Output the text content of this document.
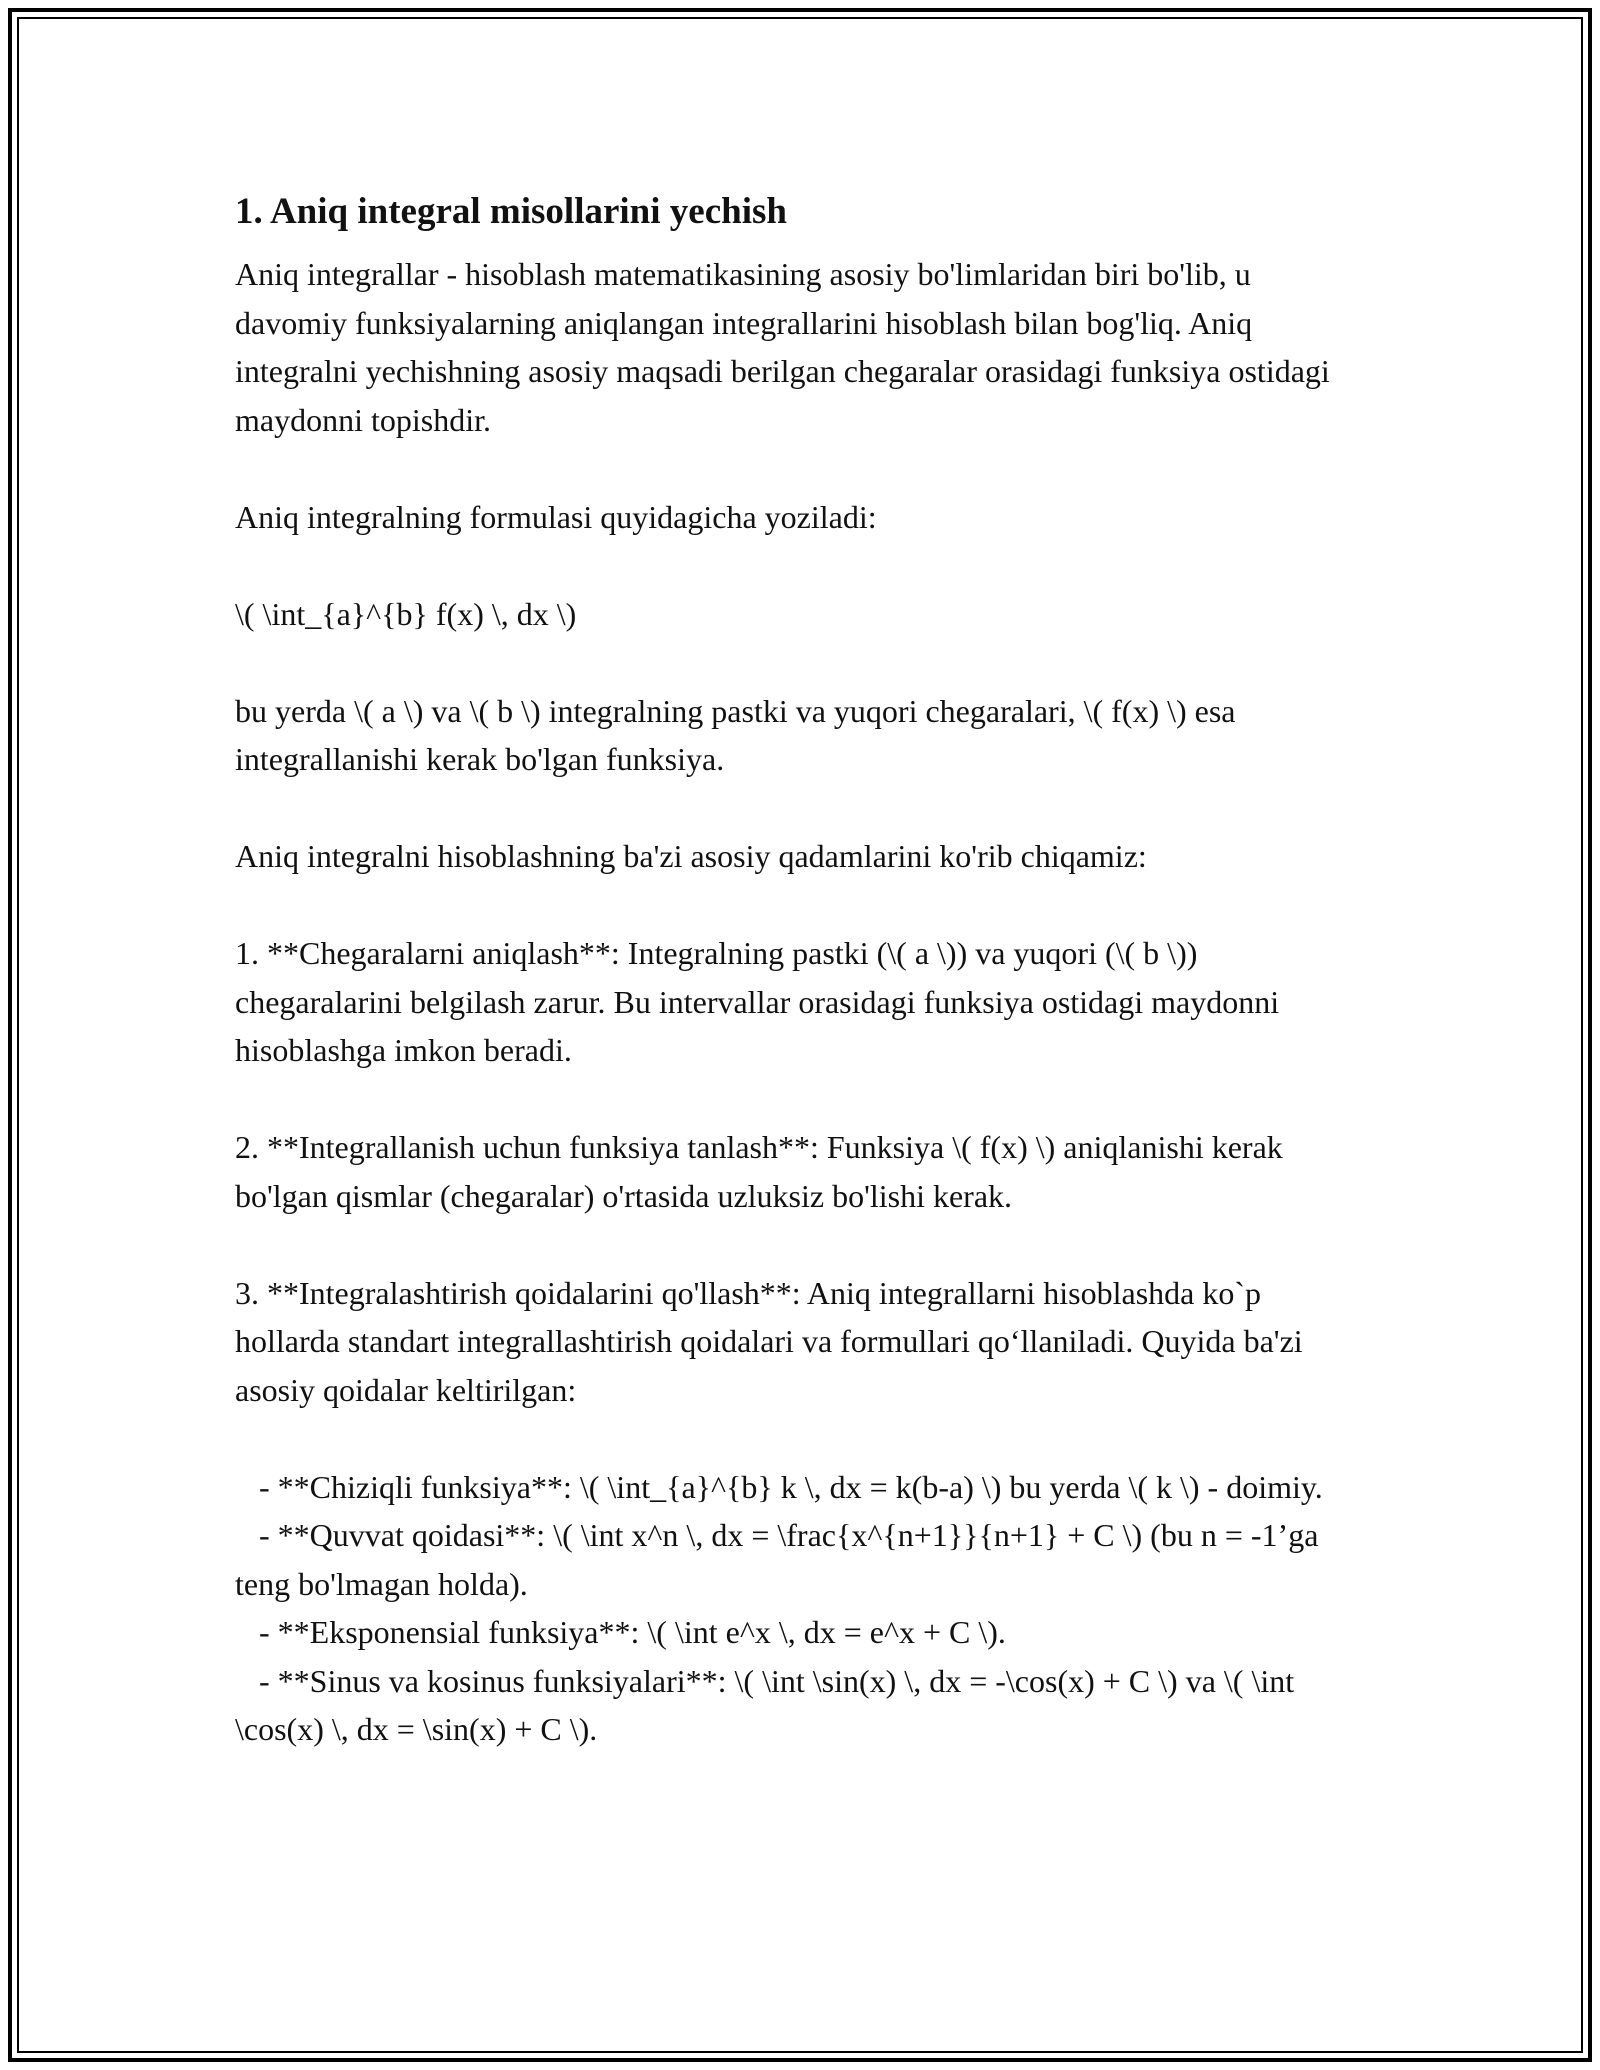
1. Aniq integral misollarini yechish

Aniq integrallar - hisoblash matematikasining asosiy bo'limlaridan biri bo'lib, u davomiy funksiyalarning aniqlangan integrallarini hisoblash bilan bog'liq. Aniq integralni yechishning asosiy maqsadi berilgan chegaralar orasidagi funksiya ostidagi maydonni topishdir.

Aniq integralning formulasi quyidagicha yoziladi:

\( \int_{a}^{b} f(x) \, dx \)

bu yerda \( a \) va \( b \) integralning pastki va yuqori chegaralari, \( f(x) \) esa integrallanishi kerak bo'lgan funksiya.

Aniq integralni hisoblashning ba'zi asosiy qadamlarini ko'rib chiqamiz:

1. **Chegaralarni aniqlash**: Integralning pastki (\( a \)) va yuqori (\( b \)) chegaralarini belgilash zarur. Bu intervallar orasidagi funksiya ostidagi maydonni hisoblashga imkon beradi.

2. **Integrallanish uchun funksiya tanlash**: Funksiya \( f(x) \) aniqlanishi kerak bo'lgan qismlar (chegaralar) o'rtasida uzluksiz bo'lishi kerak.

3. **Integralashtirish qoidalarini qo'llash**: Aniq integrallarni hisoblashda ko`p hollarda standart integrallashtirish qoidalari va formullari qo‘llaniladi. Quyida ba'zi asosiy qoidalar keltirilgan:

- **Chiziqli funksiya**: \( \int_{a}^{b} k \, dx = k(b-a) \) bu yerda \( k \) - doimiy.

- **Quvvat qoidasi**: \( \int x^n \, dx = \frac{x^{n+1}}{n+1} + C \) (bu n = -1’ga teng bo'lmagan holda).

- **Eksponensial funksiya**: \( \int e^x \, dx = e^x + C \).

- **Sinus va kosinus funksiyalari**: \( \int \sin(x) \, dx = -\cos(x) + C \) va \( \int \cos(x) \, dx = \sin(x) + C \).
